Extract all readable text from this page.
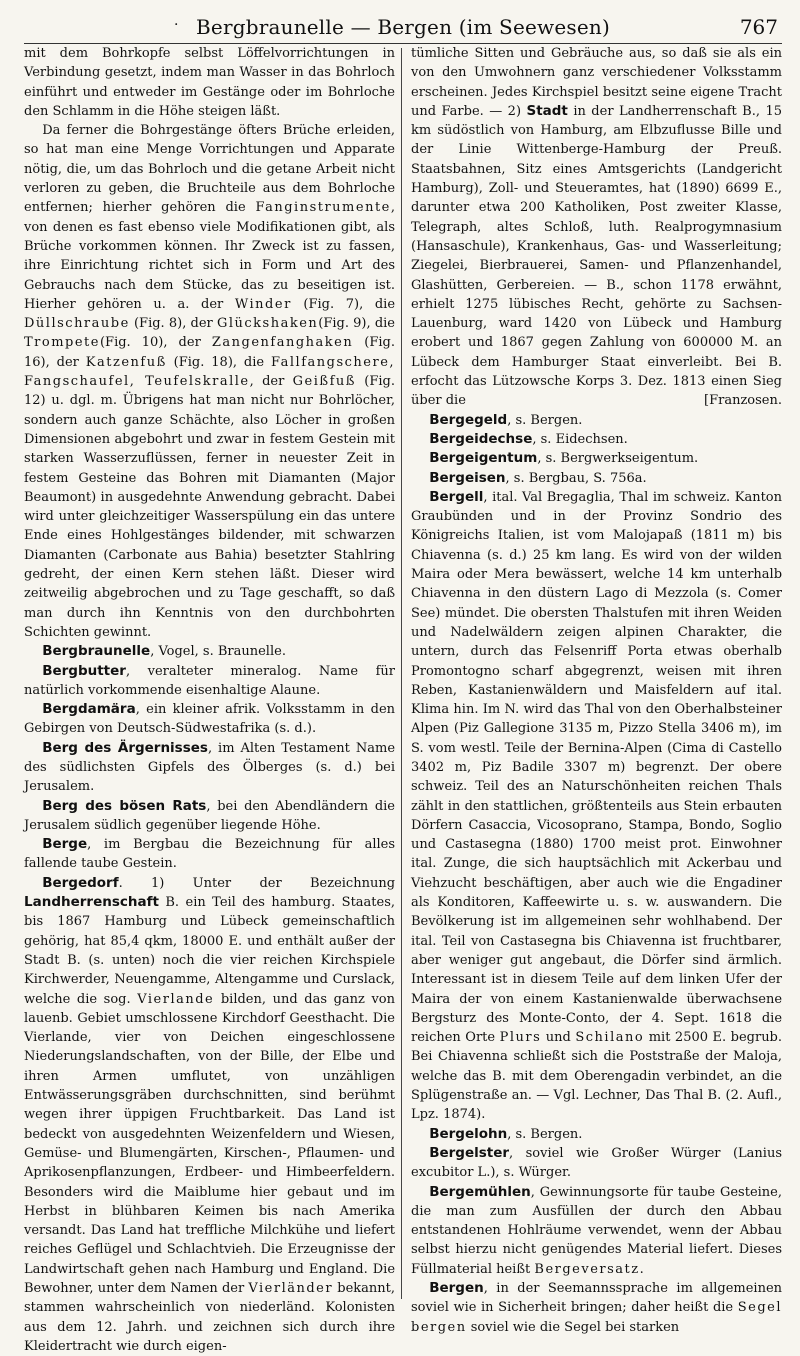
· Bergbraunelle — Bergen (im Seewesen)	767

mit dem Bohrkopfe selbst Löffelvorrichtungen in Verbindung gesetzt, indem man Wasser in das Bohrloch einführt und entweder im Gestänge oder im Bohrloche den Schlamm in die Höhe steigen läßt.

Da ferner die Bohrgestänge öfters Brüche erleiden, so hat man eine Menge Vorrichtungen und Apparate nötig, die, um das Bohrloch und die getane Arbeit nicht verloren zu geben, die Bruchteile aus dem Bohrloche entfernen; hierher gehören die Fanginstrumente, von denen es fast ebenso viele Modifikationen gibt, als Brüche vorkommen können. Ihr Zweck ist zu fassen, ihre Einrichtung richtet sich in Form und Art des Gebrauchs nach dem Stücke, das zu beseitigen ist. Hierher gehören u. a. der Winder (Fig. 7), die Düllschraube (Fig. 8), der Glückshaken(Fig. 9), die Trompete(Fig. 10), der Zangenfanghaken (Fig. 16), der Katzenfuß (Fig. 18), die Fallfangschere, Fangschaufel, Teufelskralle, der Geißfuß (Fig. 12) u. dgl. m. Übrigens hat man nicht nur Bohrlöcher, sondern auch ganze Schächte, also Löcher in großen Dimensionen abgebohrt und zwar in festem Gestein mit starken Wasserzuflüssen, ferner in neuester Zeit in festem Gesteine das Bohren mit Diamanten (Major Beaumont) in ausgedehnte Anwendung gebracht. Dabei wird unter gleichzeitiger Wasserspülung ein das untere Ende eines Hohlgestänges bildender, mit schwarzen Diamanten (Carbonate aus Bahia) besetzter Stahlring gedreht, der einen Kern stehen läßt. Dieser wird zeitweilig abgebrochen und zu Tage geschafft, so daß man durch ihn Kenntnis von den durchbohrten Schichten gewinnt.

Bergbraunelle, Vogel, s. Braunelle.

Bergbutter, veralteter mineralog. Name für natürlich vorkommende eisenhaltige Alaune.

Bergdamära, ein kleiner afrik. Volksstamm in den Gebirgen von Deutsch-Südwestafrika (s. d.).

Berg des Ärgernisses, im Alten Testament Name des südlichsten Gipfels des Ölberges (s. d.) bei Jerusalem.

Berg des bösen Rats, bei den Abendländern die Jerusalem südlich gegenüber liegende Höhe.

Berge, im Bergbau die Bezeichnung für alles fallende taube Gestein.

Bergedorf. 1) Unter der Bezeichnung Landherrenschaft B. ein Teil des hamburg. Staates, bis 1867 Hamburg und Lübeck gemeinschaftlich gehörig, hat 85,4 qkm, 18000 E. und enthält außer der Stadt B. (s. unten) noch die vier reichen Kirchspiele Kirchwerder, Neuengamme, Altengamme und Curslack, welche die sog. Vierlande bilden, und das ganz von lauenb. Gebiet umschlossene Kirchdorf Geesthacht. Die Vierlande, vier von Deichen eingeschlossene Niederungslandschaften, von der Bille, der Elbe und ihren Armen umflutet, von unzähligen Entwässerungsgräben durchschnitten, sind berühmt wegen ihrer üppigen Fruchtbarkeit. Das Land ist bedeckt von ausgedehnten Weizenfeldern und Wiesen, Gemüse- und Blumengärten, Kirschen-, Pflaumen- und Aprikosenpflanzungen, Erdbeer- und Himbeerfeldern. Besonders wird die Maiblume hier gebaut und im Herbst in blühbaren Keimen bis nach Amerika versandt. Das Land hat treffliche Milchkühe und liefert reiches Geflügel und Schlachtvieh. Die Erzeugnisse der Landwirtschaft gehen nach Hamburg und England. Die Bewohner, unter dem Namen der Vierländer bekannt, stammen wahrscheinlich von niederländ. Kolonisten aus dem 12. Jahrh. und zeichnen sich durch ihre Kleidertracht wie durch eigen-

tümliche Sitten und Gebräuche aus, so daß sie als ein von den Umwohnern ganz verschiedener Volksstamm erscheinen. Jedes Kirchspiel besitzt seine eigene Tracht und Farbe. — 2) Stadt in der Landherrenschaft B., 15 km südöstlich von Hamburg, am Elbzuflusse Bille und der Linie Wittenberge-Hamburg der Preuß. Staatsbahnen, Sitz eines Amtsgerichts (Landgericht Hamburg), Zoll- und Steueramtes, hat (1890) 6699 E., darunter etwa 200 Katholiken, Post zweiter Klasse, Telegraph, altes Schloß, luth. Realprogymnasium (Hansaschule), Krankenhaus, Gas- und Wasserleitung; Ziegelei, Bierbrauerei, Samen- und Pflanzenhandel, Glashütten, Gerbereien. — B., schon 1178 erwähnt, erhielt 1275 lübisches Recht, gehörte zu Sachsen-Lauenburg, ward 1420 von Lübeck und Hamburg erobert und 1867 gegen Zahlung von 600000 M. an Lübeck dem Hamburger Staat einverleibt. Bei B. erfocht das Lützowsche Korps 3. Dez. 1813 einen Sieg über die	[Franzosen.

Bergegeld, s. Bergen.

Bergeidechse, s. Eidechsen.

Bergeigentum, s. Bergwerkseigentum.

Bergeisen, s. Bergbau, S. 756a.

Bergell, ital. Val Bregaglia, Thal im schweiz. Kanton Graubünden und in der Provinz Sondrio des Königreichs Italien, ist vom Malojapaß (1811 m) bis Chiavenna (s. d.) 25 km lang. Es wird von der wilden Maira oder Mera bewässert, welche 14 km unterhalb Chiavenna in den düstern Lago di Mezzola (s. Comer See) mündet. Die obersten Thalstufen mit ihren Weiden und Nadelwäldern zeigen alpinen Charakter, die untern, durch das Felsenriff Porta etwas oberhalb Promontogno scharf abgegrenzt, weisen mit ihren Reben, Kastanienwäldern und Maisfeldern auf ital. Klima hin. Im N. wird das Thal von den Oberhalbsteiner Alpen (Piz Gallegione 3135 m, Pizzo Stella 3406 m), im S. vom westl. Teile der Bernina-Alpen (Cima di Castello 3402 m, Piz Badile 3307 m) begrenzt. Der obere schweiz. Teil des an Naturschönheiten reichen Thals zählt in den stattlichen, größtenteils aus Stein erbauten Dörfern Casaccia, Vicosoprano, Stampa, Bondo, Soglio und Castasegna (1880) 1700 meist prot. Einwohner ital. Zunge, die sich hauptsächlich mit Ackerbau und Viehzucht beschäftigen, aber auch wie die Engadiner als Konditoren, Kaffeewirte u. s. w. auswandern. Die Bevölkerung ist im allgemeinen sehr wohlhabend. Der ital. Teil von Castasegna bis Chiavenna ist fruchtbarer, aber weniger gut angebaut, die Dörfer sind ärmlich. Interessant ist in diesem Teile auf dem linken Ufer der Maira der von einem Kastanienwalde überwachsene Bergsturz des Monte-Conto, der 4. Sept. 1618 die reichen Orte Plurs und Schilano mit 2500 E. begrub. Bei Chiavenna schließt sich die Poststraße der Maloja, welche das B. mit dem Oberengadin verbindet, an die Splügenstraße an. — Vgl. Lechner, Das Thal B. (2. Aufl., Lpz. 1874).

Bergelohn, s. Bergen.

Bergelster, soviel wie Großer Würger (Lanius excubitor L.), s. Würger.

Bergemühlen, Gewinnungsorte für taube Gesteine, die man zum Ausfüllen der durch den Abbau entstandenen Hohlräume verwendet, wenn der Abbau selbst hierzu nicht genügendes Material liefert. Dieses Füllmaterial heißt Bergeversatz.

Bergen, in der Seemannssprache im allgemeinen soviel wie in Sicherheit bringen; daher heißt die Segel bergen soviel wie die Segel bei starken
